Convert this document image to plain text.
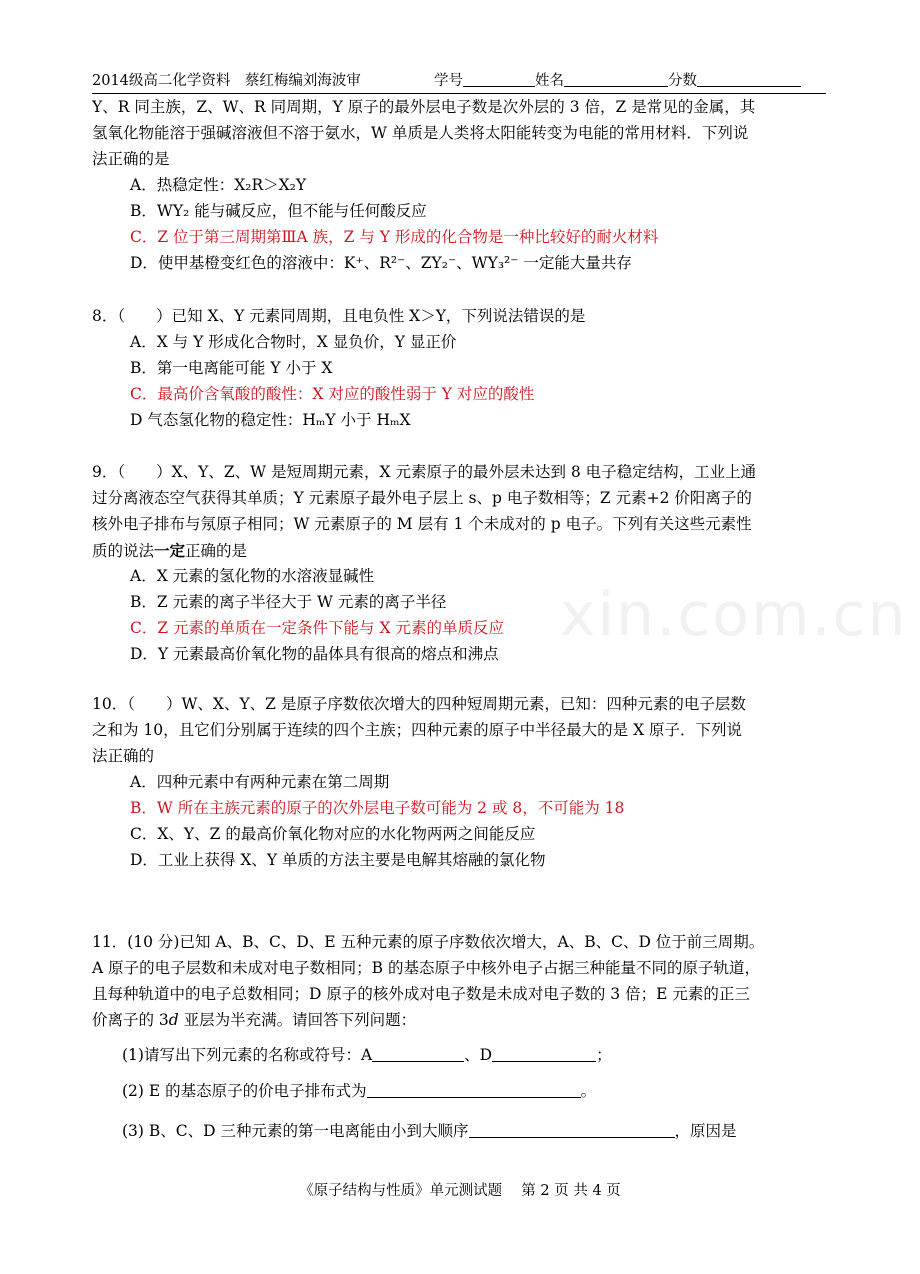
2014级高二化学资料　蔡红梅编刘海波审	学号	姓名	分数
xin.com.cn
Y、R 同主族，Z、W、R 同周期，Y 原子的最外层电子数是次外层的 3 倍，Z 是常见的金属，其
氢氧化物能溶于强碱溶液但不溶于氨水，W 单质是人类将太阳能转变为电能的常用材料．下列说
法正确的是
A．热稳定性：X₂R＞X₂Y
B．WY₂ 能与碱反应，但不能与任何酸反应
C．Z 位于第三周期第ⅢA 族，Z 与 Y 形成的化合物是一种比较好的耐火材料
D．使甲基橙变红色的溶液中：K⁺、R²⁻、ZY₂⁻、WY₃²⁻ 一定能大量共存
8．（　　）已知 X、Y 元素同周期，且电负性 X＞Y，下列说法错误的是
A．X 与 Y 形成化合物时，X 显负价，Y 显正价
B．第一电离能可能 Y 小于 X
C．最高价含氧酸的酸性：X 对应的酸性弱于 Y 对应的酸性
D 气态氢化物的稳定性：HₘY 小于 HₘX
9．（　　）X、Y、Z、W 是短周期元素，X 元素原子的最外层未达到 8 电子稳定结构，工业上通
过分离液态空气获得其单质；Y 元素原子最外电子层上 s、p 电子数相等；Z 元素+2 价阳离子的
核外电子排布与氖原子相同；W 元素原子的 M 层有 1 个未成对的 p 电子。下列有关这些元素性
质的说法一定正确的是
A．X 元素的氢化物的水溶液显碱性
B．Z 元素的离子半径大于 W 元素的离子半径
C．Z 元素的单质在一定条件下能与 X 元素的单质反应
D．Y 元素最高价氧化物的晶体具有很高的熔点和沸点
10．（　　）W、X、Y、Z 是原子序数依次增大的四种短周期元素，已知：四种元素的电子层数
之和为 10，且它们分别属于连续的四个主族；四种元素的原子中半径最大的是 X 原子．下列说
法正确的
A．四种元素中有两种元素在第二周期
B．W 所在主族元素的原子的次外层电子数可能为 2 或 8，不可能为 18
C．X、Y、Z 的最高价氧化物对应的水化物两两之间能反应
D．工业上获得 X、Y 单质的方法主要是电解其熔融的氯化物
11．(10 分)已知 A、B、C、D、E 五种元素的原子序数依次增大，A、B、C、D 位于前三周期。
A 原子的电子层数和未成对电子数相同；B 的基态原子中核外电子占据三种能量不同的原子轨道，
且每种轨道中的电子总数相同；D 原子的核外成对电子数是未成对电子数的 3 倍；E 元素的正三
价离子的 3d 亚层为半充满。请回答下列问题：
(1)请写出下列元素的名称或符号：A	、D	；
(2) E 的基态原子的价电子排布式为	。
(3) B、C、D 三种元素的第一电离能由小到大顺序	，原因是
《原子结构与性质》单元测试题　 第 2 页 共 4 页
